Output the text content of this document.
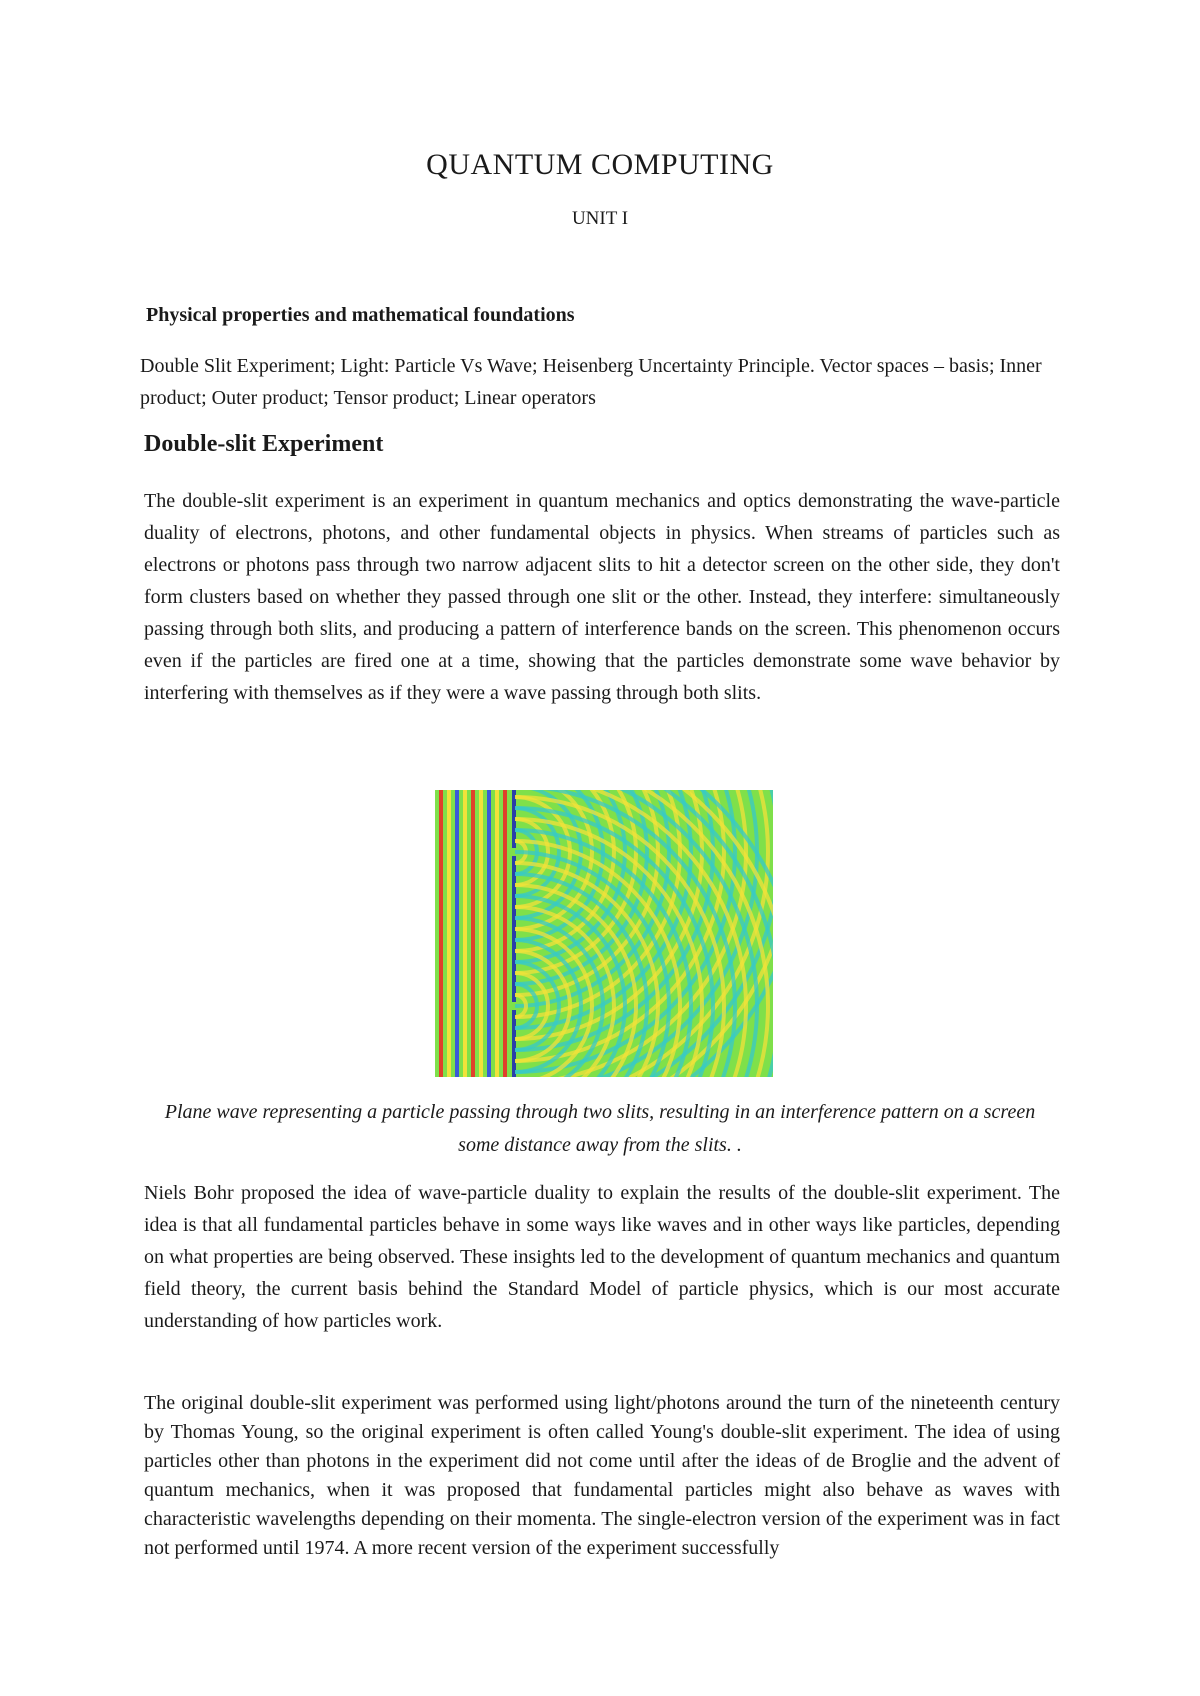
QUANTUM COMPUTING
UNIT I
Physical properties and mathematical foundations
Double Slit Experiment; Light: Particle Vs Wave; Heisenberg Uncertainty Principle. Vector spaces – basis; Inner product; Outer product; Tensor product; Linear operators
Double-slit Experiment
The double-slit experiment is an experiment in quantum mechanics and optics demonstrating the wave-particle duality of electrons, photons, and other fundamental objects in physics. When streams of particles such as electrons or photons pass through two narrow adjacent slits to hit a detector screen on the other side, they don't form clusters based on whether they passed through one slit or the other. Instead, they interfere: simultaneously passing through both slits, and producing a pattern of interference bands on the screen. This phenomenon occurs even if the particles are fired one at a time, showing that the particles demonstrate some wave behavior by interfering with themselves as if they were a wave passing through both slits.
Plane wave representing a particle passing through two slits, resulting in an interference pattern on a screen some distance away from the slits. .
Niels Bohr proposed the idea of wave-particle duality to explain the results of the double-slit experiment. The idea is that all fundamental particles behave in some ways like waves and in other ways like particles, depending on what properties are being observed. These insights led to the development of quantum mechanics and quantum field theory, the current basis behind the Standard Model of particle physics, which is our most accurate understanding of how particles work.
The original double-slit experiment was performed using light/photons around the turn of the nineteenth century by Thomas Young, so the original experiment is often called Young's double-slit experiment. The idea of using particles other than photons in the experiment did not come until after the ideas of de Broglie and the advent of quantum mechanics, when it was proposed that fundamental particles might also behave as waves with characteristic wavelengths depending on their momenta. The single-electron version of the experiment was in fact not performed until 1974. A more recent version of the experiment successfully
